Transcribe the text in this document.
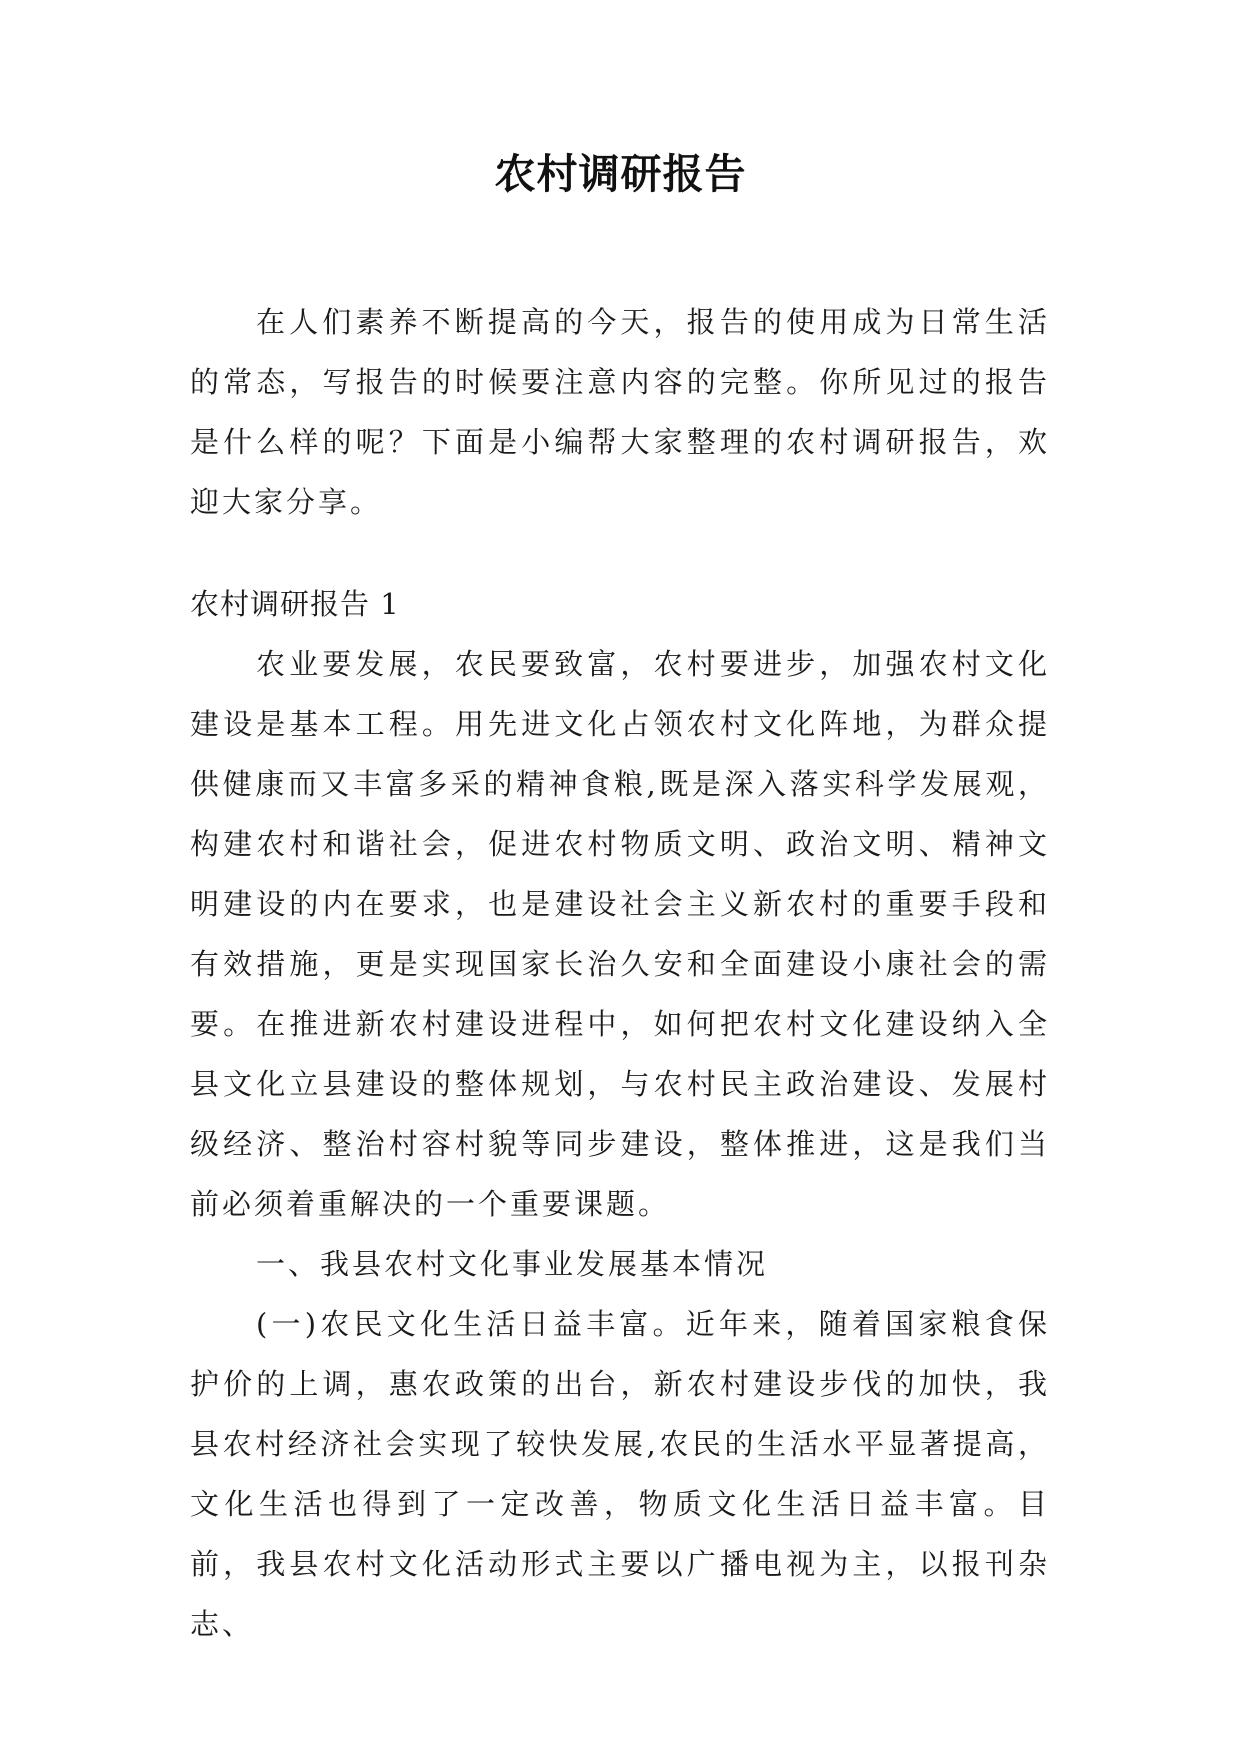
农村调研报告

在人们素养不断提高的今天，报告的使用成为日常生活的常态，写报告的时候要注意内容的完整。你所见过的报告是什么样的呢？下面是小编帮大家整理的农村调研报告，欢迎大家分享。

农村调研报告 1

农业要发展，农民要致富，农村要进步，加强农村文化建设是基本工程。用先进文化占领农村文化阵地，为群众提供健康而又丰富多采的精神食粮,既是深入落实科学发展观，构建农村和谐社会，促进农村物质文明、政治文明、精神文明建设的内在要求，也是建设社会主义新农村的重要手段和有效措施，更是实现国家长治久安和全面建设小康社会的需要。在推进新农村建设进程中，如何把农村文化建设纳入全县文化立县建设的整体规划，与农村民主政治建设、发展村级经济、整治村容村貌等同步建设，整体推进，这是我们当前必须着重解决的一个重要课题。

一、我县农村文化事业发展基本情况

(一)农民文化生活日益丰富。近年来，随着国家粮食保护价的上调，惠农政策的出台，新农村建设步伐的加快，我县农村经济社会实现了较快发展,农民的生活水平显著提高，文化生活也得到了一定改善，物质文化生活日益丰富。目前，我县农村文化活动形式主要以广播电视为主，以报刊杂志、
